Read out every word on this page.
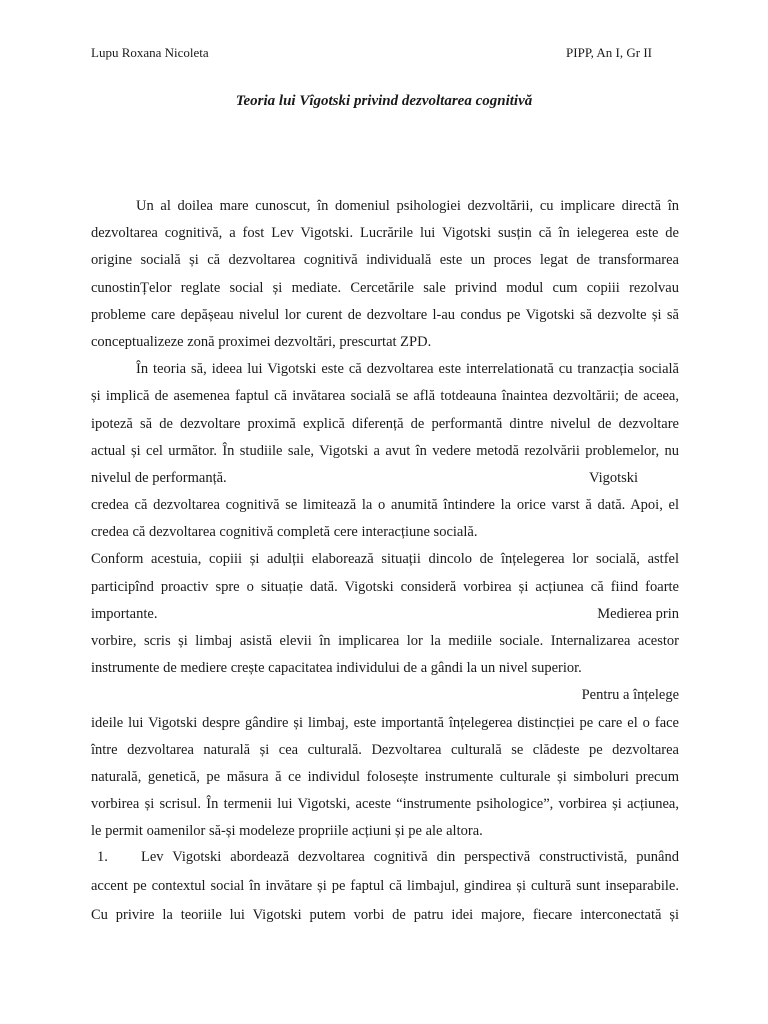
Lupu Roxana Nicoleta	PIPP, An I, Gr II
Teoria lui Vîgotski privind dezvoltarea cognitivă
Un al doilea mare cunoscut, în domeniul psihologiei dezvoltării, cu implicare directă în
dezvoltarea cognitivă, a fost Lev Vigotski. Lucrările lui Vigotski susțin că în ielegerea este de
origine socială și că dezvoltarea cognitivă individuală este un proces legat de transformarea
cunostinȚelor reglate social și mediate. Cercetările sale privind modul cum copiii rezolvau
probleme care depășeau nivelul lor curent de dezvoltare l-au condus pe Vigotski să dezvolte și să
conceptualizeze zonă proximei dezvoltări, prescurtat ZPD.
În teoria să, ideea lui Vigotski este că dezvoltarea este interrelationată cu tranzacția socială
și implică de asemenea faptul că invătarea socială se află totdeauna înaintea dezvoltării; de aceea,
ipoteză să de dezvoltare proximă explică diferență de performantă dintre nivelul de dezvoltare
actual și cel următor. În studiile sale, Vigotski a avut în vedere metodă rezolvării problemelor, nu
nivelul de performanță.	Vigotski
credea că dezvoltarea cognitivă se limitează la o anumită întindere la orice varst ă dată. Apoi, el
credea că dezvoltarea cognitivă completă cere interacțiune socială.
Conform acestuia, copiii și adulții elaborează situații dincolo de înțelegerea lor socială, astfel
participînd proactiv spre o situație dată. Vigotski consideră vorbirea și acțiunea că fiind foarte
importante.	Medierea prin
vorbire, scris și limbaj asistă elevii în implicarea lor la mediile sociale. Internalizarea acestor
instrumente de mediere crește capacitatea individului de a gândi la un nivel superior.
Pentru a înțelege
ideile lui Vigotski despre gândire și limbaj, este importantă înțelegerea distincției pe care el o face
între dezvoltarea naturală și cea culturală. Dezvoltarea culturală se clădeste pe dezvoltarea
naturală, genetică, pe măsura ă ce individul folosește instrumente culturale și simboluri precum
vorbirea și scrisul. În termenii lui Vigotski, aceste “instrumente psihologice”, vorbirea și acțiunea,
le permit oamenilor să-și modeleze propriile acțiuni și pe ale altora.
1. Lev Vigotski abordează dezvoltarea cognitivă din perspectivă constructivistă, punând
accent pe contextul social în invătare și pe faptul că limbajul, gindirea și cultură sunt inseparabile.
Cu privire la teoriile lui Vigotski putem vorbi de patru idei majore, fiecare interconectată și
